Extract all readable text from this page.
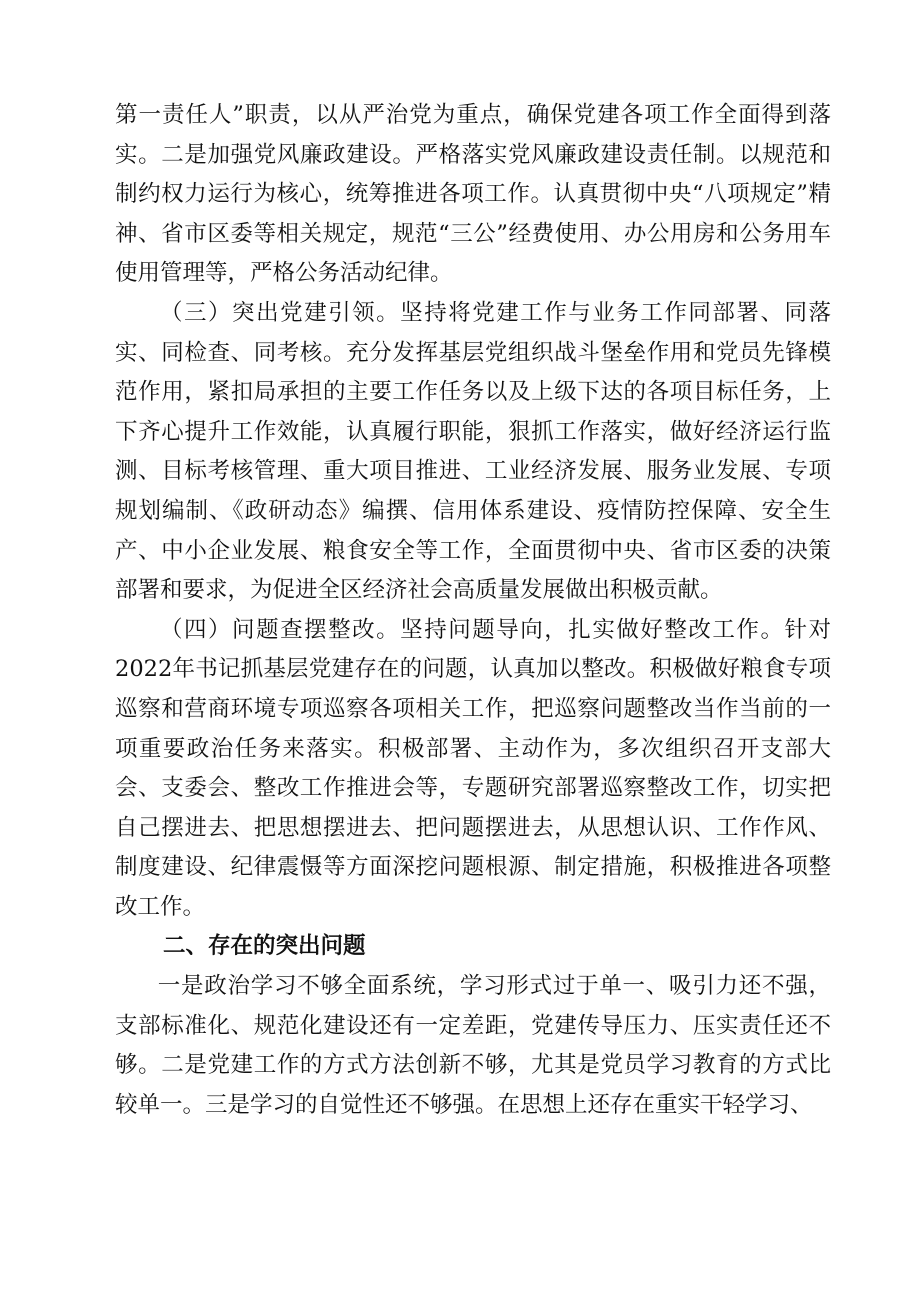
第一责任人”职责，以从严治党为重点，确保党建各项工作全面得到落实。二是加强党风廉政建设。严格落实党风廉政建设责任制。以规范和制约权力运行为核心，统筹推进各项工作。认真贯彻中央“八项规定”精神、省市区委等相关规定，规范“三公”经费使用、办公用房和公务用车使用管理等，严格公务活动纪律。

（三）突出党建引领。坚持将党建工作与业务工作同部署、同落实、同检查、同考核。充分发挥基层党组织战斗堡垒作用和党员先锋模范作用，紧扣局承担的主要工作任务以及上级下达的各项目标任务，上下齐心提升工作效能，认真履行职能，狠抓工作落实，做好经济运行监测、目标考核管理、重大项目推进、工业经济发展、服务业发展、专项规划编制、《政研动态》编撰、信用体系建设、疫情防控保障、安全生产、中小企业发展、粮食安全等工作，全面贯彻中央、省市区委的决策部署和要求，为促进全区经济社会高质量发展做出积极贡献。

（四）问题查摆整改。坚持问题导向，扎实做好整改工作。针对2022年书记抓基层党建存在的问题，认真加以整改。积极做好粮食专项巡察和营商环境专项巡察各项相关工作，把巡察问题整改当作当前的一项重要政治任务来落实。积极部署、主动作为，多次组织召开支部大会、支委会、整改工作推进会等，专题研究部署巡察整改工作，切实把自己摆进去、把思想摆进去、把问题摆进去，从思想认识、工作作风、制度建设、纪律震慑等方面深挖问题根源、制定措施，积极推进各项整改工作。

二、存在的突出问题

一是政治学习不够全面系统，学习形式过于单一、吸引力还不强，支部标准化、规范化建设还有一定差距，党建传导压力、压实责任还不够。二是党建工作的方式方法创新不够，尤其是党员学习教育的方式比较单一。三是学习的自觉性还不够强。在思想上还存在重实干轻学习、
